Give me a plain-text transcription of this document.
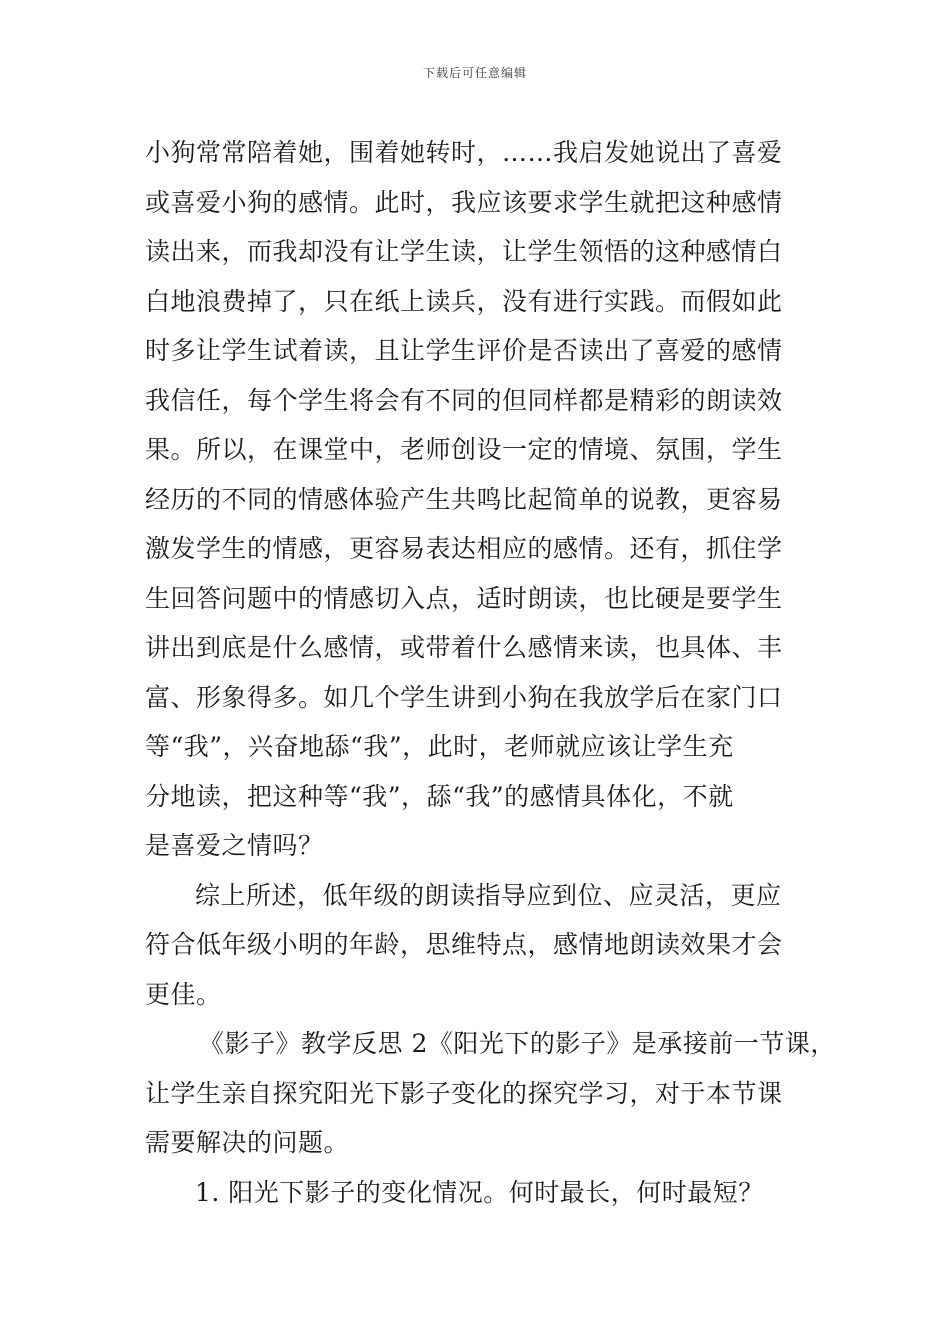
下载后可任意编辑
小狗常常陪着她，围着她转时，……我启发她说出了喜爱
或喜爱小狗的感情。此时，我应该要求学生就把这种感情
读出来，而我却没有让学生读，让学生领悟的这种感情白
白地浪费掉了，只在纸上读兵，没有进行实践。而假如此
时多让学生试着读，且让学生评价是否读出了喜爱的感情
我信任，每个学生将会有不同的但同样都是精彩的朗读效
果。所以，在课堂中，老师创设一定的情境、氛围，学生
经历的不同的情感体验产生共鸣比起简单的说教，更容易
激发学生的情感，更容易表达相应的感情。还有，抓住学
生回答问题中的情感切入点，适时朗读，也比硬是要学生
讲出到底是什么感情，或带着什么感情来读，也具体、丰
富、形象得多。如几个学生讲到小狗在我放学后在家门口
等“我”，兴奋地舔“我”，此时，老师就应该让学生充
分地读，把这种等“我”，舔“我”的感情具体化，不就
是喜爱之情吗？
综上所述，低年级的朗读指导应到位、应灵活，更应
符合低年级小明的年龄，思维特点，感情地朗读效果才会
更佳。
《影子》教学反思 2《阳光下的影子》是承接前一节课，
让学生亲自探究阳光下影子变化的探究学习，对于本节课
需要解决的问题。
1. 阳光下影子的变化情况。何时最长，何时最短？
